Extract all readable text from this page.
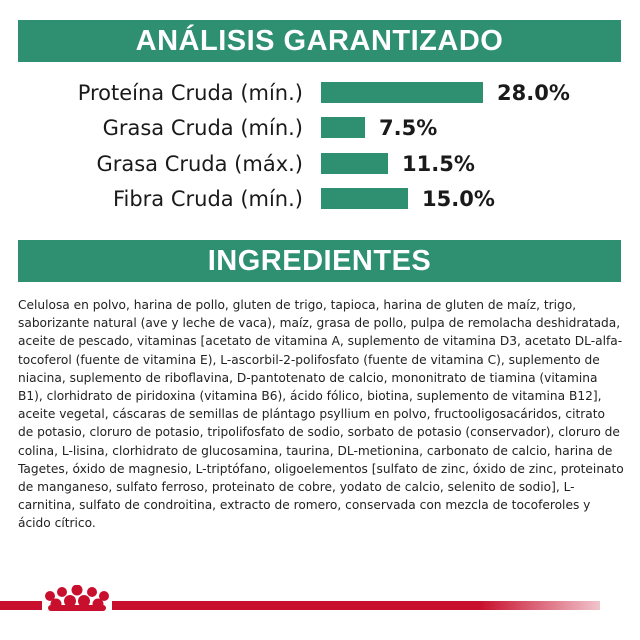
ANÁLISIS GARANTIZADO
Proteína Cruda (mín.)	28.0%
Grasa Cruda (mín.)	7.5%
Grasa Cruda (máx.)	11.5%
Fibra Cruda (mín.)	15.0%
INGREDIENTES

Celulosa en polvo, harina de pollo, gluten de trigo, tapioca, harina de gluten de maíz, trigo, saborizante natural (ave y leche de vaca), maíz, grasa de pollo, pulpa de remolacha deshidratada, aceite de pescado, vitaminas [acetato de vitamina A, suplemento de vitamina D3, acetato DL-alfa-tocoferol (fuente de vitamina E), L-ascorbil-2-polifosfato (fuente de vitamina C), suplemento de niacina, suplemento de riboflavina, D-pantotenato de calcio, mononitrato de tiamina (vitamina B1), clorhidrato de piridoxina (vitamina B6), ácido fólico, biotina, suplemento de vitamina B12], aceite vegetal, cáscaras de semillas de plántago psyllium en polvo, fructooligosacáridos, citrato de potasio, cloruro de potasio, tripolifosfato de sodio, sorbato de potasio (conservador), cloruro de colina, L-lisina, clorhidrato de glucosamina, taurina, DL-metionina, carbonato de calcio, harina de Tagetes, óxido de magnesio, L-triptófano, oligoelementos [sulfato de zinc, óxido de zinc, proteinato de manganeso, sulfato ferroso, proteinato de cobre, yodato de calcio, selenito de sodio], L-carnitina, sulfato de condroitina, extracto de romero, conservada con mezcla de tocoferoles y ácido cítrico.
